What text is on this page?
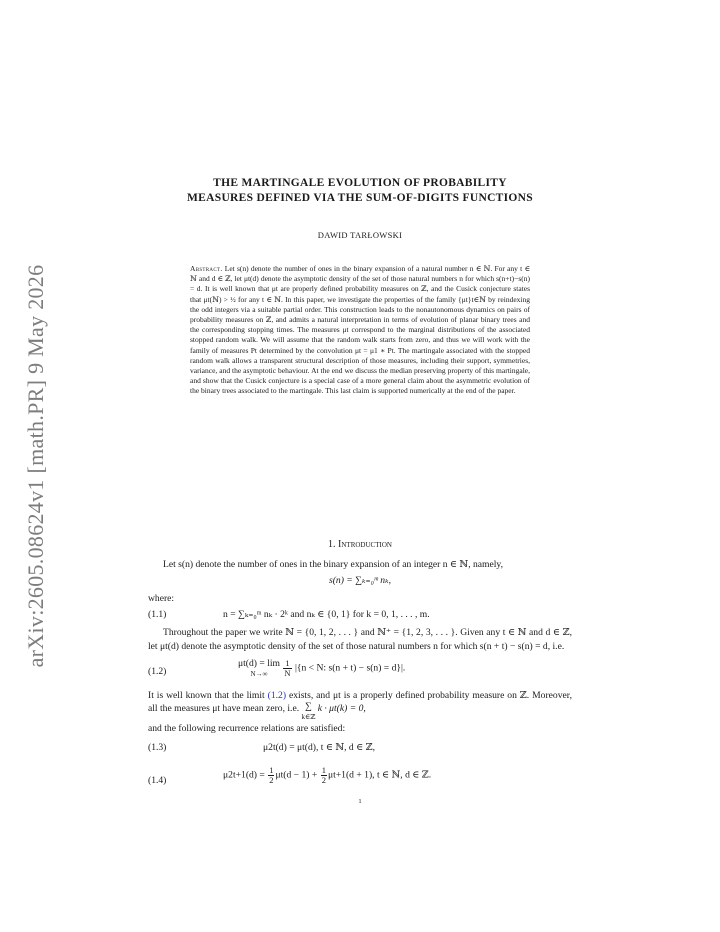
arXiv:2605.08624v1 [math.PR] 9 May 2026
THE MARTINGALE EVOLUTION OF PROBABILITY
MEASURES DEFINED VIA THE SUM-OF-DIGITS FUNCTIONS
DAWID TARŁOWSKI
Abstract. Let s(n) denote the number of ones in the binary expansion of a natural number n ∈ ℕ. For any t ∈ ℕ and d ∈ ℤ, let μt(d) denote the asymptotic density of the set of those natural numbers n for which s(n+t)−s(n) = d. It is well known that μt are properly defined probability measures on ℤ, and the Cusick conjecture states that μt(ℕ) > ½ for any t ∈ ℕ. In this paper, we investigate the properties of the family {μt}t∈ℕ by reindexing the odd integers via a suitable partial order. This construction leads to the nonautonomous dynamics on pairs of probability measures on ℤ, and admits a natural interpretation in terms of evolution of planar binary trees and the corresponding stopping times. The measures μt correspond to the marginal distributions of the associated stopped random walk. We will assume that the random walk starts from zero, and thus we will work with the family of measures Pt determined by the convolution μt = μ1 ∗ Pt. The martingale associated with the stopped random walk allows a transparent structural description of those measures, including their support, symmetries, variance, and the asymptotic behaviour. At the end we discuss the median preserving property of this martingale, and show that the Cusick conjecture is a special case of a more general claim about the asymmetric evolution of the binary trees associated to the martingale. This last claim is supported numerically at the end of the paper.
1. Introduction

Let s(n) denote the number of ones in the binary expansion of an integer n ∈ ℕ, namely,

s(n) = ∑ₖ₌₀ᵐ nₖ,

where:

(1.1)	n = ∑ₖ₌₀ᵐ nₖ · 2ᵏ and nₖ ∈ {0, 1} for k = 0, 1, . . . , m.

Throughout the paper we write ℕ = {0, 1, 2, . . . } and ℕ⁺ = {1, 2, 3, . . . }. Given any t ∈ ℕ and d ∈ ℤ, let μt(d) denote the asymptotic density of the set of those natural numbers n for which s(n + t) − s(n) = d, i.e.

(1.2)
μt(d) = lim
N→∞
	$\frac{1}{N} |\{n < N$: s(n + t) − s(n) = d}|.

It is well known that the limit (1.2) exists, and μt is a properly defined probability measure on ℤ. Moreover, all the measures μt have mean zero, i.e. ∑
k∈ℤ
k · μt(k) = 0,

and the following recurrence relations are satisfied:

(1.3)	μ2t(d) = μt(d), t ∈ ℕ, d ∈ ℤ,
(1.4)	$\mu 2t+1(d) = \frac{1}{2} \mu t(d - 1) + \frac{1}{2} \mu t+1(d + 1)$, t ∈ ℕ, d ∈ ℤ.
1
